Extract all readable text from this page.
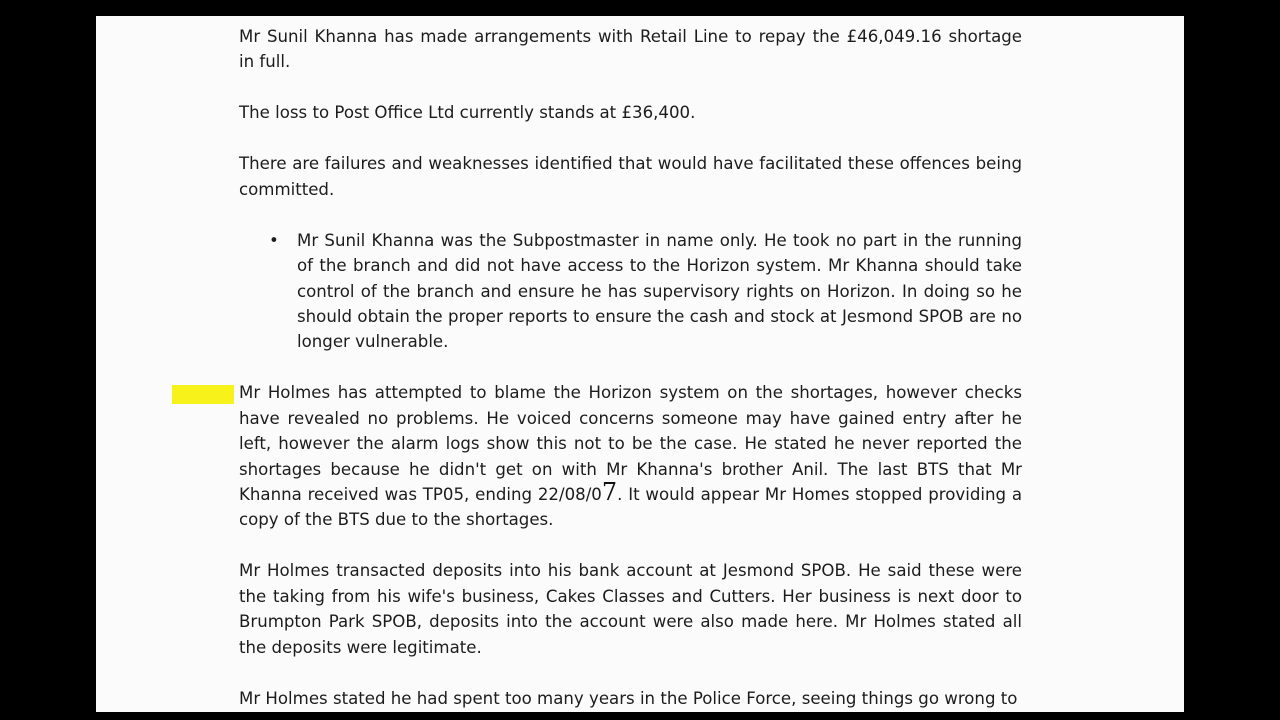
Mr Sunil Khanna has made arrangements with Retail Line to repay the £46,049.16 shortage in full.

The loss to Post Office Ltd currently stands at £36,400.

There are failures and weaknesses identified that would have facilitated these offences being committed.

• Mr Sunil Khanna was the Subpostmaster in name only. He took no part in the running of the branch and did not have access to the Horizon system. Mr Khanna should take control of the branch and ensure he has supervisory rights on Horizon. In doing so he should obtain the proper reports to ensure the cash and stock at Jesmond SPOB are no longer vulnerable.

Mr Holmes has attempted to blame the Horizon system on the shortages, however checks have revealed no problems. He voiced concerns someone may have gained entry after he left, however the alarm logs show this not to be the case. He stated he never reported the shortages because he didn't get on with Mr Khanna's brother Anil. The last BTS that Mr Khanna received was TP05, ending 22/08/07. It would appear Mr Homes stopped providing a copy of the BTS due to the shortages.

Mr Holmes transacted deposits into his bank account at Jesmond SPOB. He said these were the taking from his wife's business, Cakes Classes and Cutters. Her business is next door to Brumpton Park SPOB, deposits into the account were also made here. Mr Holmes stated all the deposits were legitimate.

Mr Holmes stated he had spent too many years in the Police Force, seeing things go wrong to
